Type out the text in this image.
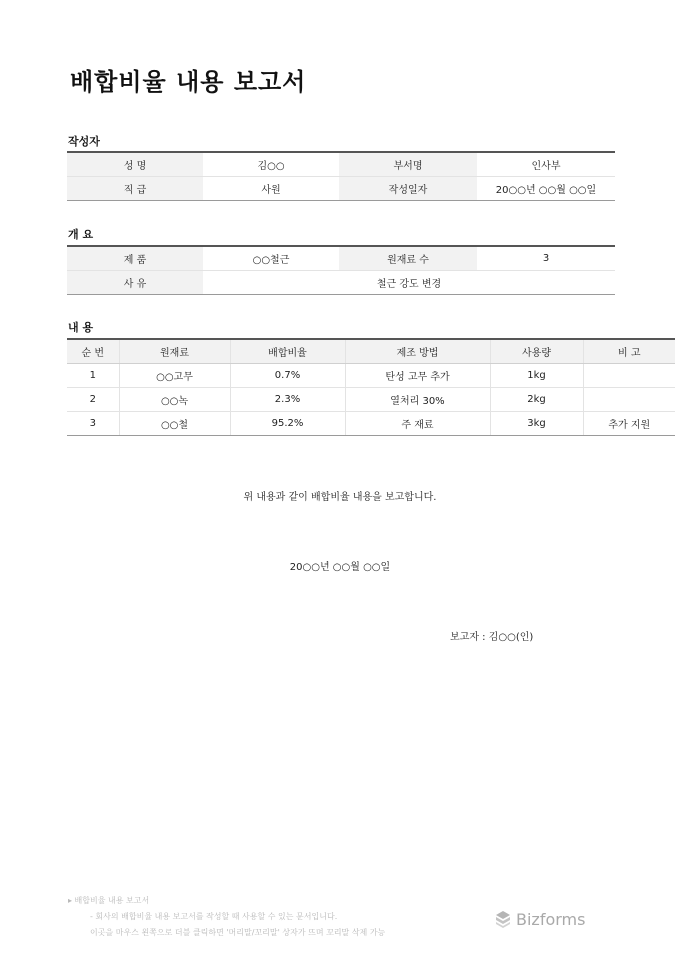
배합비율 내용 보고서
작성자
성 명	김○○	부서명	인사부
직 급	사원	작성일자	20○○년 ○○월 ○○일
개 요
제 품	○○철근	원재료 수	3
사 유	철근 강도 변경		
내 용
순 번	원재료	배합비율	제조 방법	사용량	비 고
1	○○고무	0.7%	탄성 고무 추가	1kg	
2	○○녹	2.3%	열처리 30%	2kg	
3	○○철	95.2%	주 재료	3kg	추가 지원
위 내용과 같이 배합비율 내용을 보고합니다.
20○○년 ○○월 ○○일
보고자 : 김○○(인)
▸ 배합비율 내용 보고서
- 회사의 배합비율 내용 보고서를 작성할 때 사용할 수 있는 문서입니다.
이곳을 마우스 왼쪽으로 더블 클릭하면 '머리말/꼬리말' 상자가 뜨며 꼬리말 삭제 가능
Bizforms
